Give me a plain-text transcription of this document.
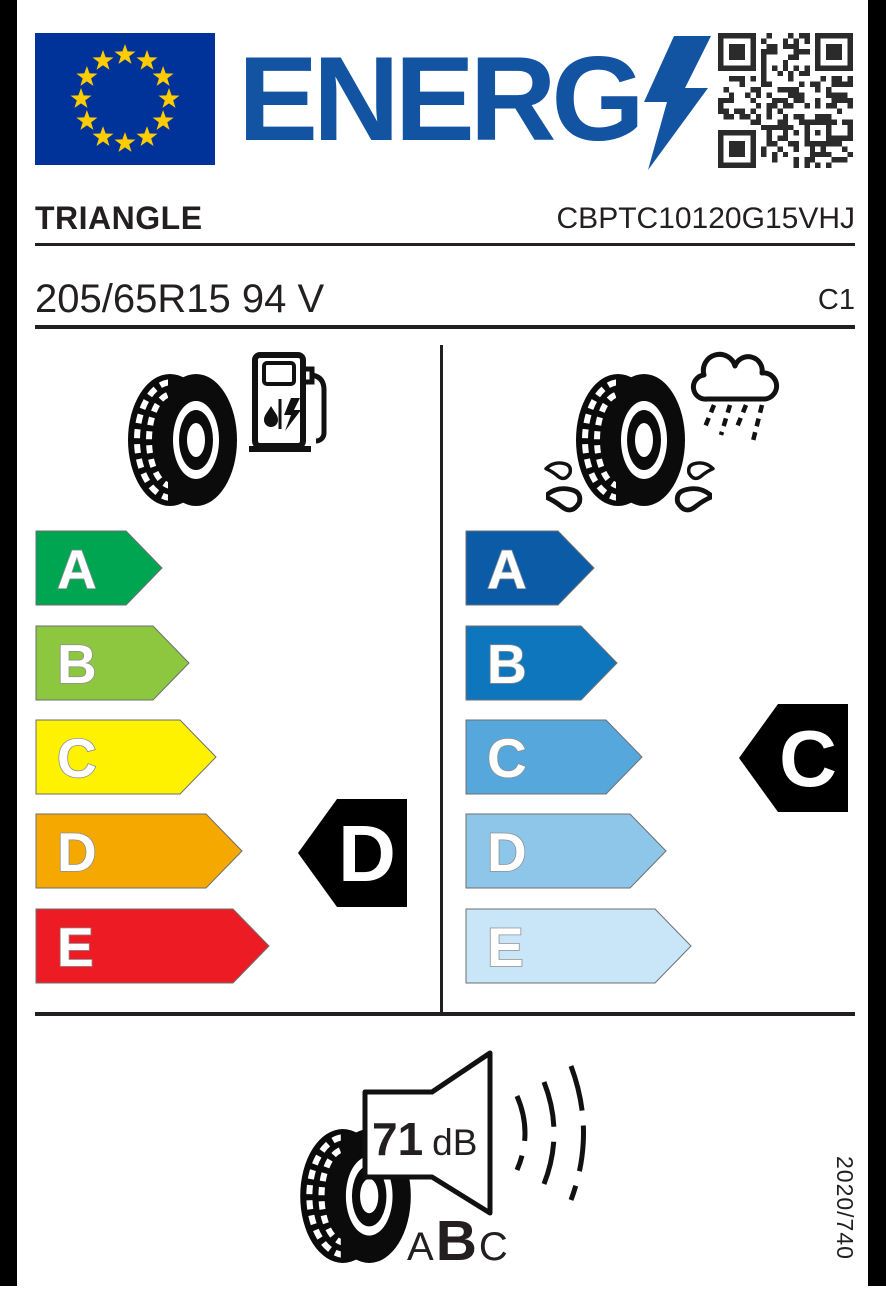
ENERG
TRIANGLE	CBPTC10120G15VHJ
205/65R15 94 V	C1
A
B
C
D
E
D
A
B
C
D
E
C
71 dB
A B C	2020/740
